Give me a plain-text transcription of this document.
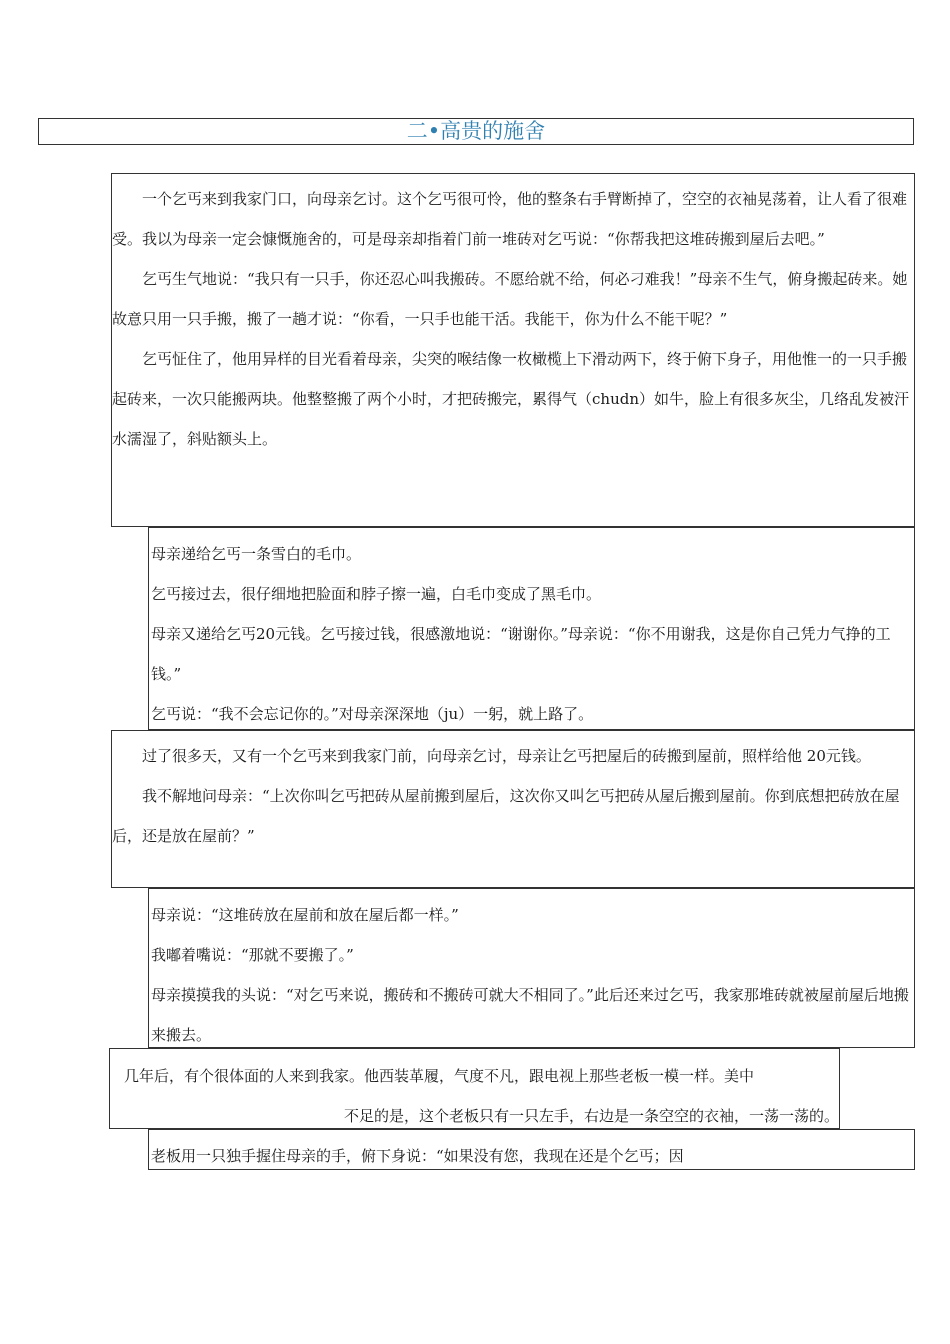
二•高贵的施舍

一个乞丐来到我家门口，向母亲乞讨。这个乞丐很可怜，他的整条右手臂断掉了，空空的衣袖晃荡着，让人看了很难受。我以为母亲一定会慷慨施舍的，可是母亲却指着门前一堆砖对乞丐说：“你帮我把这堆砖搬到屋后去吧。”

乞丐生气地说：“我只有一只手，你还忍心叫我搬砖。不愿给就不给，何必刁难我！”母亲不生气，俯身搬起砖来。她故意只用一只手搬，搬了一趟才说：“你看，一只手也能干活。我能干，你为什么不能干呢？”

乞丐怔住了，他用异样的目光看着母亲，尖突的喉结像一枚橄榄上下滑动两下，终于俯下身子，用他惟一的一只手搬起砖来，一次只能搬两块。他整整搬了两个小时，才把砖搬完，累得气（chudn）如牛，脸上有很多灰尘，几络乱发被汗水濡湿了，斜贴额头上。

母亲递给乞丐一条雪白的毛巾。

乞丐接过去，很仔细地把脸面和脖子擦一遍，白毛巾变成了黑毛巾。

母亲又递给乞丐20元钱。乞丐接过钱，很感激地说：“谢谢你。”母亲说：“你不用谢我，这是你自己凭力气挣的工钱。”

乞丐说：“我不会忘记你的。”对母亲深深地（ju）一躬，就上路了。

过了很多天，又有一个乞丐来到我家门前，向母亲乞讨，母亲让乞丐把屋后的砖搬到屋前，照样给他 20元钱。

我不解地问母亲：“上次你叫乞丐把砖从屋前搬到屋后，这次你又叫乞丐把砖从屋后搬到屋前。你到底想把砖放在屋后，还是放在屋前？”

母亲说：“这堆砖放在屋前和放在屋后都一样。”

我嘟着嘴说：“那就不要搬了。”

母亲摸摸我的头说：“对乞丐来说，搬砖和不搬砖可就大不相同了。”此后还来过乞丐，我家那堆砖就被屋前屋后地搬来搬去。

几年后，有个很体面的人来到我家。他西装革履，气度不凡，跟电视上那些老板一模一样。美中

不足的是，这个老板只有一只左手，右边是一条空空的衣袖，一荡一荡的。

老板用一只独手握住母亲的手，俯下身说：“如果没有您，我现在还是个乞丐；因
